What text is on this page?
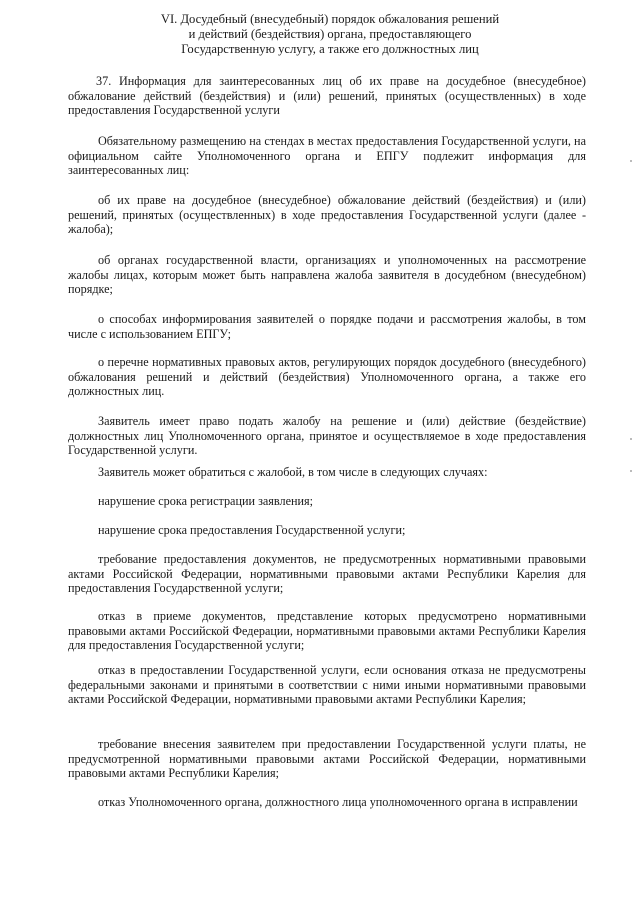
VI. Досудебный (внесудебный) порядок обжалования решений
и действий (бездействия) органа, предоставляющего
Государственную услугу, а также его должностных лиц
37. Информация для заинтересованных лиц об их праве на досудебное (внесудебное) обжалование действий (бездействия) и (или) решений, принятых (осуществленных) в ходе предоставления Государственной услуги
Обязательному размещению на стендах в местах предоставления Государственной услуги, на официальном сайте Уполномоченного органа и ЕПГУ подлежит информация для заинтересованных лиц:
об их праве на досудебное (внесудебное) обжалование действий (бездействия) и (или) решений, принятых (осуществленных) в ходе предоставления Государственной услуги (далее - жалоба);
об органах государственной власти, организациях и уполномоченных на рассмотрение жалобы лицах, которым может быть направлена жалоба заявителя в досудебном (внесудебном) порядке;
о способах информирования заявителей о порядке подачи и рассмотрения жалобы, в том числе с использованием ЕПГУ;
о перечне нормативных правовых актов, регулирующих порядок досудебного (внесудебного) обжалования решений и действий (бездействия) Уполномоченного органа, а также его должностных лиц.
Заявитель имеет право подать жалобу на решение и (или) действие (бездействие) должностных лиц Уполномоченного органа, принятое и осуществляемое в ходе предоставления Государственной услуги.
Заявитель может обратиться с жалобой, в том числе в следующих случаях:
нарушение срока регистрации заявления;
нарушение срока предоставления Государственной услуги;
требование предоставления документов, не предусмотренных нормативными правовыми актами Российской Федерации, нормативными правовыми актами Республики Карелия для предоставления Государственной услуги;
отказ в приеме документов, представление которых предусмотрено нормативными правовыми актами Российской Федерации, нормативными правовыми актами Республики Карелия для предоставления Государственной услуги;
отказ в предоставлении Государственной услуги, если основания отказа не предусмотрены федеральными законами и принятыми в соответствии с ними иными нормативными правовыми актами Российской Федерации, нормативными правовыми актами Республики Карелия;
требование внесения заявителем при предоставлении Государственной услуги платы, не предусмотренной нормативными правовыми актами Российской Федерации, нормативными правовыми актами Республики Карелия;
отказ Уполномоченного органа, должностного лица уполномоченного органа в исправлении
